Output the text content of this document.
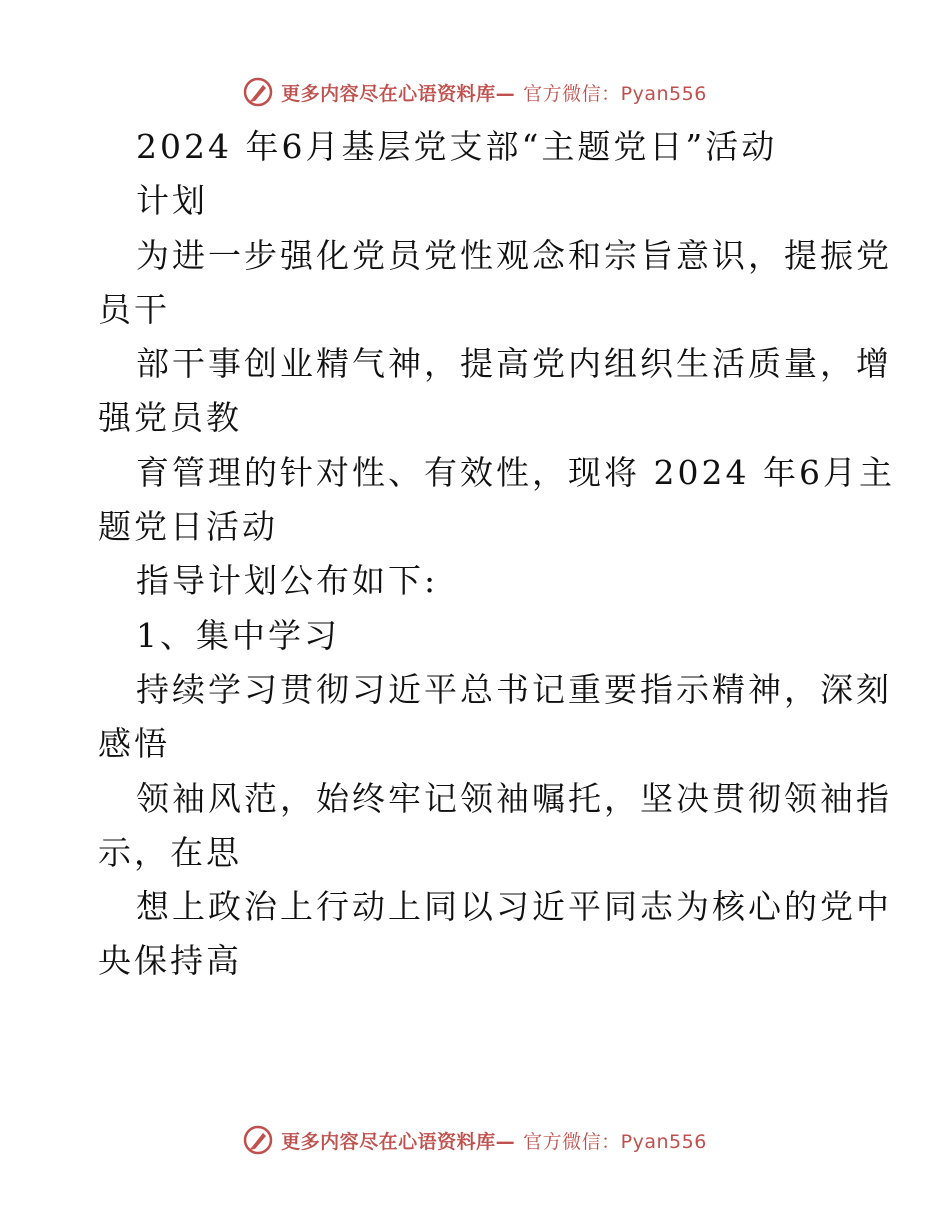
更多内容尽在心语资料库— 官方微信：Pyan556
2024 年6月基层党支部“主题党日”活动
计划
为进一步强化党员党性观念和宗旨意识，提振党
员干
部干事创业精气神，提高党内组织生活质量，增
强党员教
育管理的针对性、有效性，现将 2024 年6月主
题党日活动
指导计划公布如下:
1、集中学习
持续学习贯彻习近平总书记重要指示精神，深刻
感悟
领袖风范，始终牢记领袖嘱托，坚决贯彻领袖指
示，在思
想上政治上行动上同以习近平同志为核心的党中
央保持高
更多内容尽在心语资料库— 官方微信：Pyan556
